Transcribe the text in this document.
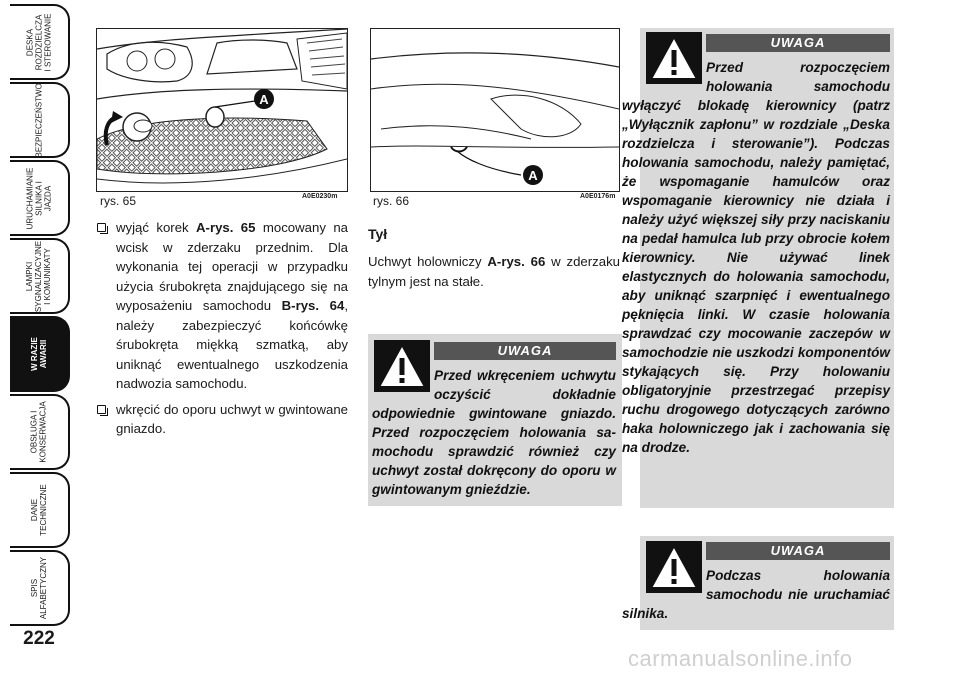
DESKA
ROZDZIELCZA
I STEROWANIE
BEZPIECZEŃSTWO
URUCHAMIANIE
SILNIKA I JAZDA
LAMPKI
SYGNALIZACYJNE
I KOMUNIKATY
W RAZIE AWARII
OBSŁUGA I
KONSERWACJA
DANE
TECHNICZNE
SPIS
ALFABETYCZNY
222
A
rys. 65	A0E0230m
A
rys. 66	A0E0176m
wyjąć korek A-rys. 65 mocowany na wcisk w zderzaku przednim. Dla wykonania tej operacji w przypadku użycia śrubokręta znajdującego się na wyposażeniu samochodu B-rys. 64, należy zabezpieczyć końcówkę śrubokręta miękką szmatką, aby uniknąć ewentualnego uszkodzenia nadwozia samochodu.
wkręcić do oporu uchwyt w gwintowane gniazdo.
Tył
Uchwyt holowniczy A-rys. 66 w zderzaku tylnym jest na stałe.
UWAGA
Przed wkręceniem uchwytu oczyścić dokładnie odpowiednie gwintowane gniazdo. Przed rozpoczęciem holowania samochodu sprawdzić również czy uchwyt został dokręcony do oporu w gwintowanym gnieździe.
UWAGA
Przed rozpoczęciem holowania samochodu wyłączyć blokadę kierownicy (patrz „Wyłącznik zapłonu” w rozdziale „Deska rozdzielcza i sterowanie”). Podczas holowania samochodu, należy pamiętać, że wspomaganie hamulców oraz wspomaganie kierownicy nie działa i należy użyć większej siły przy naciskaniu na pedał hamulca lub przy obrocie kołem kierownicy. Nie używać linek elastycznych do holowania samochodu, aby uniknąć szarpnięć i ewentualnego pęknięcia linki. W czasie holowania sprawdzać czy mocowanie zaczepów w samochodzie nie uszkodzi komponentów stykających się. Przy holowaniu obligatoryjnie przestrzegać przepisy ruchu drogowego dotyczących zarówno haka holowniczego jak i zachowania się na drodze.
UWAGA
Podczas holowania samochodu nie uruchamiać silnika.
carmanualsonline.info
